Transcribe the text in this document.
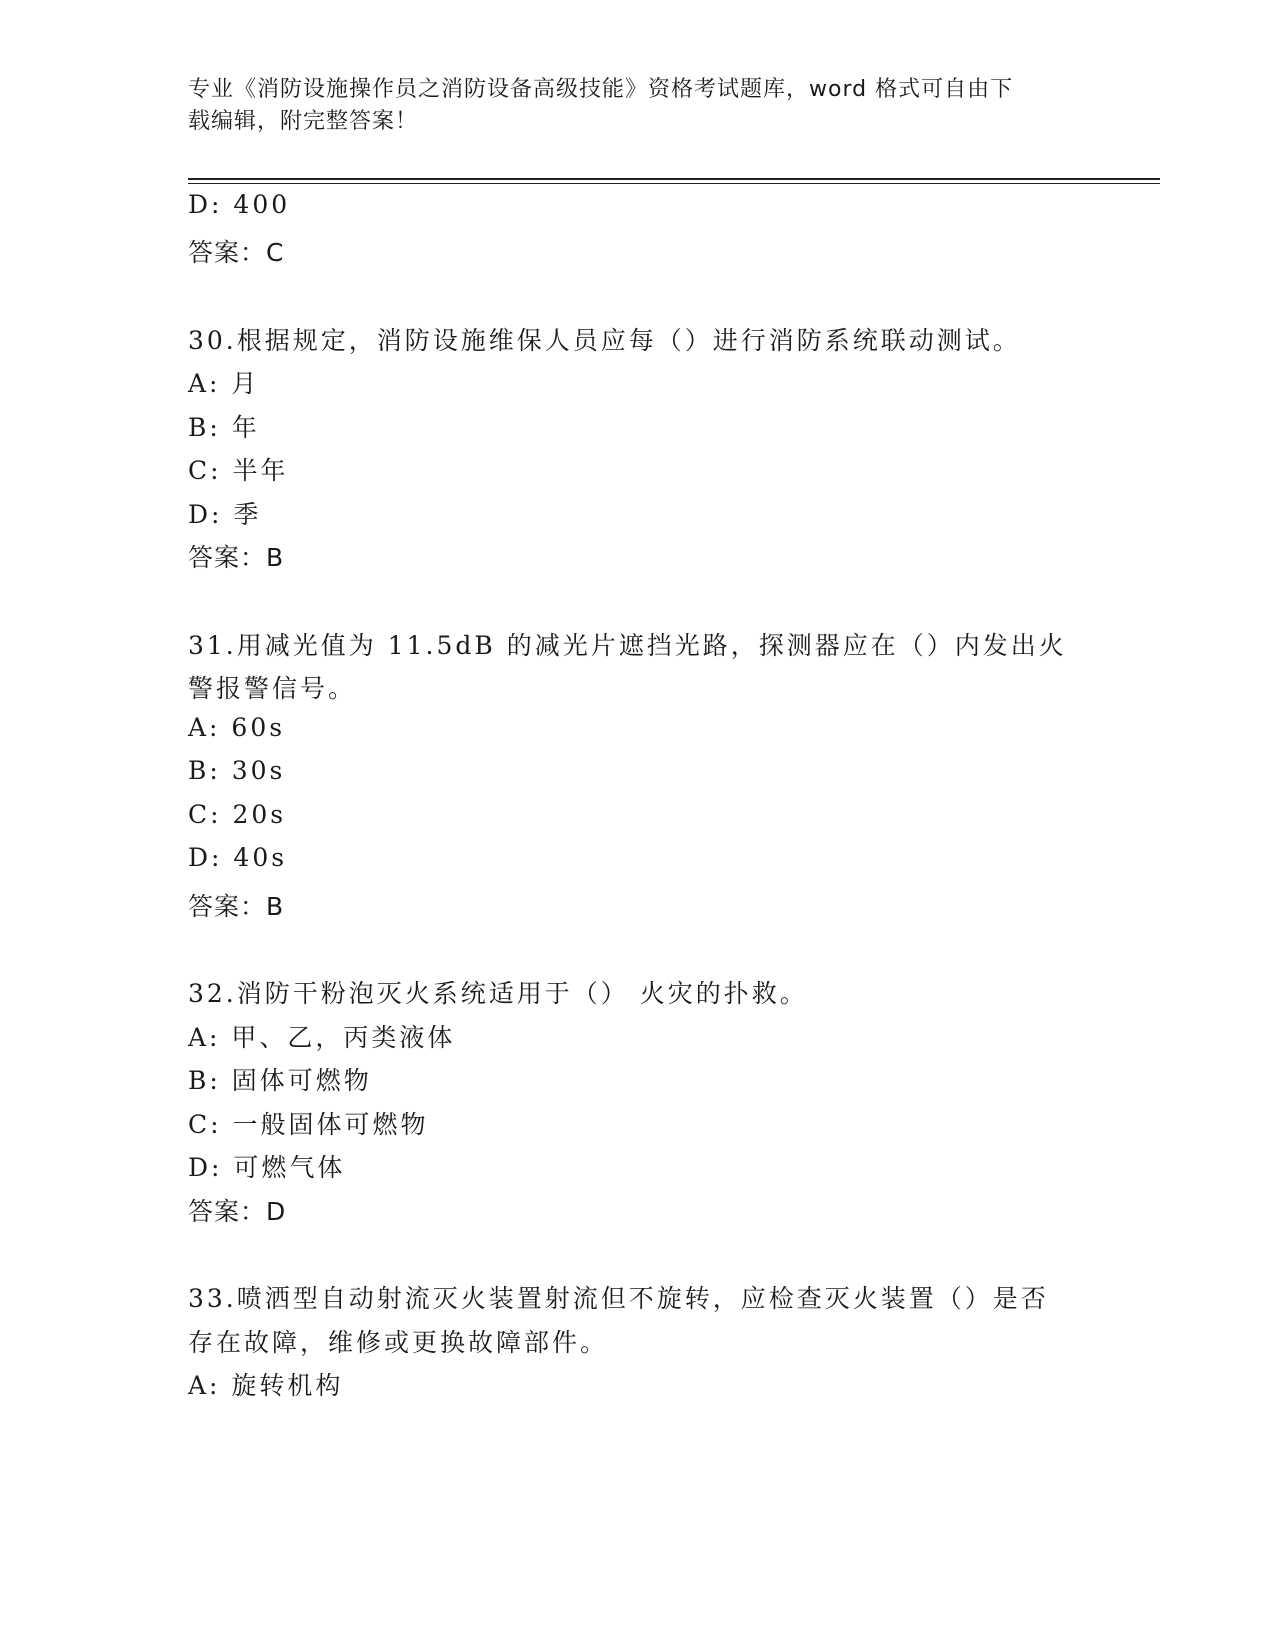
专业《消防设施操作员之消防设备高级技能》资格考试题库，word 格式可自由下
载编辑，附完整答案！
D: 400
答案：C
30.根据规定，消防设施维保人员应每（）进行消防系统联动测试。
A: 月
B: 年
C: 半年
D: 季
答案：B
31.用减光值为 11.5dB 的减光片遮挡光路，探测器应在（）内发出火
警报警信号。
A: 60s
B: 30s
C: 20s
D: 40s
答案：B
32.消防干粉泡灭火系统适用于（） 火灾的扑救。
A: 甲、乙，丙类液体
B: 固体可燃物
C: 一般固体可燃物
D: 可燃气体
答案：D
33.喷洒型自动射流灭火装置射流但不旋转，应检查灭火装置（）是否
存在故障，维修或更换故障部件。
A: 旋转机构
